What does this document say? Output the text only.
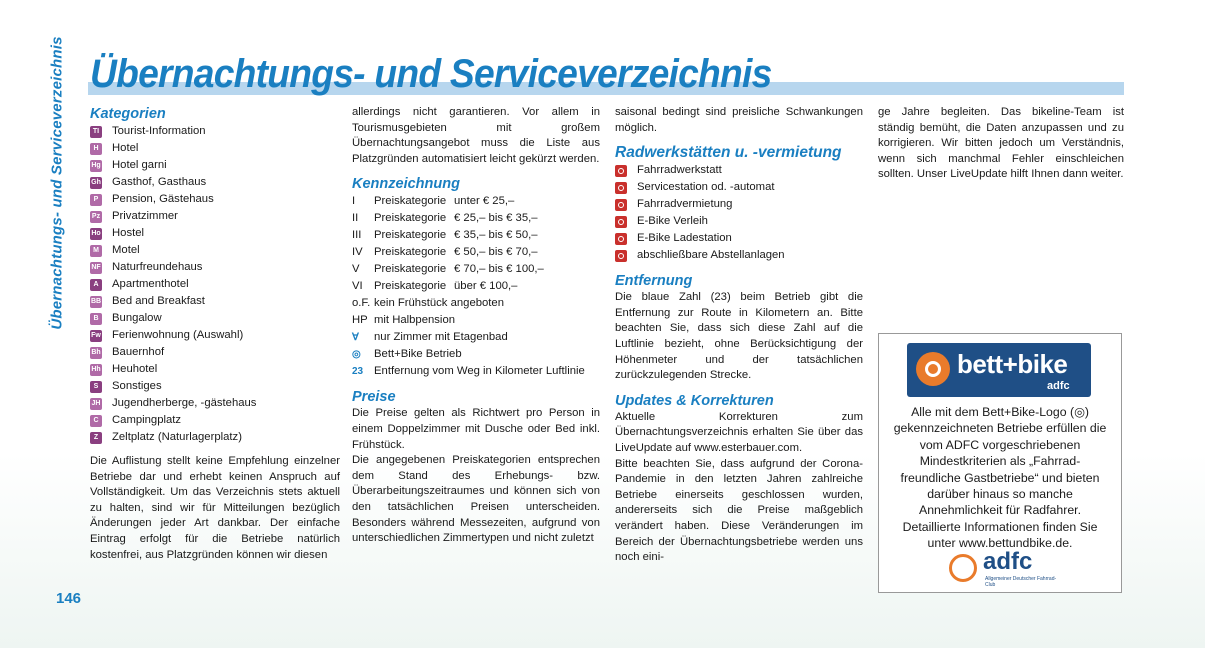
Übernachtungs- und Serviceverzeichnis Übernachtungs- und Serviceverzeichnis
146
Kategorien
TI Tourist-Information
H	Hotel
Hg Hotel garni
Gh Gasthof, Gasthaus
P	Pension, Gästehaus
Pz Privatzimmer
Ho Hostel
M Motel
NF Naturfreundehaus
A	Apartmenthotel
BB Bed and Breakfast
B	Bungalow
Fw Ferienwohnung (Auswahl)
Bh Bauernhof
Hh Heuhotel
S	Sonstiges
JH Jugendherberge, -gästehaus
C	Campingplatz
Z	Zeltplatz (Naturlagerplatz)

Die Auflistung stellt keine Empfehlung einzelner Betriebe dar und erhebt keinen Anspruch auf Vollständigkeit. Um das Verzeichnis stets aktuell zu halten, sind wir für Mitteilungen bezüglich Änderungen jeder Art dankbar. Der einfache Eintrag erfolgt für die Betriebe natürlich kostenfrei, aus Platzgründen können wir diesen

allerdings nicht garantieren. Vor allem in Tourismusgebieten mit großem Übernachtungsangebot muss die Liste aus Platzgründen automatisiert leicht gekürzt werden.

Kennzeichnung
I	Preiskategorie unter € 25,–
II	Preiskategorie € 25,– bis € 35,–
III	Preiskategorie € 35,– bis € 50,–
IV	Preiskategorie € 50,– bis € 70,–
V	Preiskategorie € 70,– bis € 100,–
VI	Preiskategorie über € 100,–
o.F. kein Frühstück angeboten
HP mit Halbpension
Ɐ	nur Zimmer mit Etagenbad
◎	Bett+Bike Betrieb
23 Entfernung vom Weg in Kilometer Luftlinie
Preise

Die Preise gelten als Richtwert pro Person in einem Doppelzimmer mit Dusche oder Bed inkl. Frühstück.

Die angegebenen Preiskategorien entsprechen dem Stand des Erhebungs- bzw. Überarbeitungszeitraumes und können sich von den tatsächlichen Preisen unterscheiden. Besonders während Messezeiten, aufgrund von unterschiedlichen Zimmertypen und nicht zuletzt

saisonal bedingt sind preisliche Schwankungen möglich.

Radwerkstätten u. -vermietung
Fahrradwerkstatt
Servicestation od. -automat
Fahrradvermietung
E-Bike Verleih
E-Bike Ladestation
abschließbare Abstellanlagen
Entfernung

Die blaue Zahl (23) beim Betrieb gibt die Entfernung zur Route in Kilometern an. Bitte beachten Sie, dass sich diese Zahl auf die Luftlinie bezieht, ohne Berücksichtigung der Höhenmeter und der tatsächlichen zurückzulegenden Strecke.

Updates & Korrekturen

Aktuelle Korrekturen zum Übernachtungsverzeichnis erhalten Sie über das LiveUpdate auf www.esterbauer.com.

Bitte beachten Sie, dass aufgrund der Corona-Pandemie in den letzten Jahren zahlreiche Betriebe einerseits geschlossen wurden, andererseits sich die Preise maßgeblich verändert haben. Diese Veränderungen im Bereich der Übernachtungsbetriebe werden uns noch eini-

ge Jahre begleiten. Das bikeline-Team ist ständig bemüht, die Daten anzupassen und zu korrigieren. Wir bitten jedoch um Verständnis, wenn sich manchmal Fehler einschleichen sollten. Unser LiveUpdate hilft Ihnen dann weiter.

bett+bike
adfc
Alle mit dem Bett+Bike-Logo (◎) gekennzeichneten Betriebe erfüllen die vom ADFC vorgeschriebenen Mindestkriterien als „Fahrrad-freundliche Gastbetriebe“ und bieten darüber hinaus so manche Annehmlichkeit für Radfahrer. Detaillierte Informationen finden Sie unter www.bettundbike.de.
adfc
Allgemeiner Deutscher Fahrrad-Club
